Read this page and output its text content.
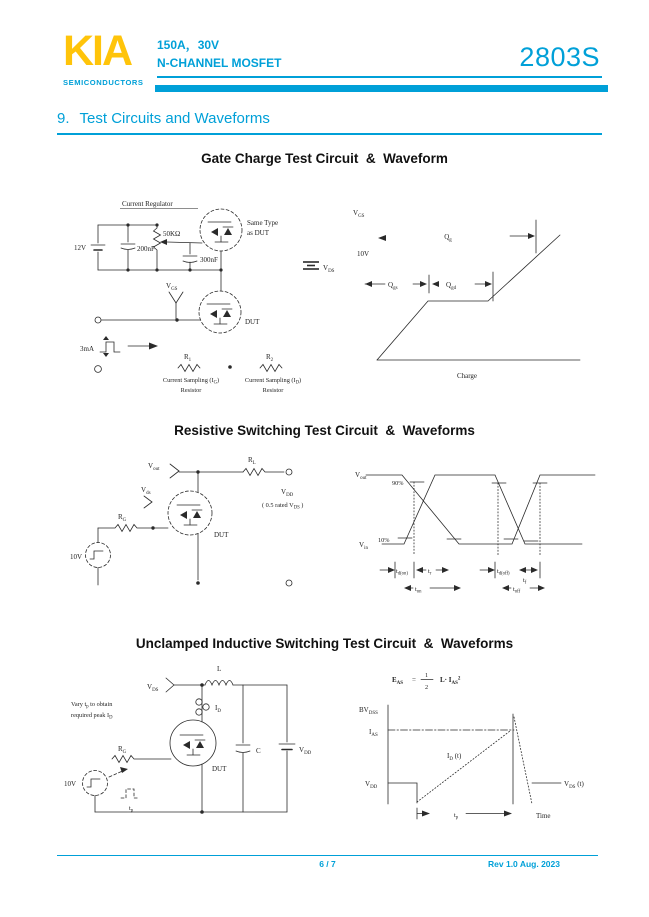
KIA
SEMICONDUCTORS
150A，30V
N-CHANNEL MOSFET	2803S
9. Test Circuits and Waveforms
Gate Charge Test Circuit  &  Waveform
Current Regulator
12V	200nF
50KΩ
300nF
Same Type
as DUT
$V_{DS}$
$V_{GS}$
DUT
3mA
$R_1$	$R_2$
Current Sampling $(I_G)$
Resistor
Current Sampling $(I_D)$
Resistor
$V_{GS}$
10V
$Q_g$
$Q_{gs}$	$Q_{gd}$
Charge
Resistive Switching Test Circuit  &  Waveforms
$V_{out}$
$R_L$
$V_{DD}$
( 0.5 rated $V_{DS}$ )
$V_{ds}$
DUT
$R_G$
10V
$V_{out}$
90%
$V_{in}$
10%
$t_{d(on)}$	$t_r$	$t_{d(off)}$
$t_f$
$t_{on}$	$t_{off}$
Unclamped Inductive Switching Test Circuit  &  Waveforms
L
$V_{DS}$
$I_D$
Vary $t_p$ to obtain
required peak $I_D$
DUT
$R_G$	C	$V_{DD}$
10V
$t_p$
$E_{AS}$ =
1
2
$L\cdot I_{AS}^2$
$BV_{DSS}$
$I_{AS}$
$V_{DD}$
$I_D$ (t)
$V_{DS}$ (t)
Time
$t_p$
6 / 7	Rev 1.0 Aug. 2023
